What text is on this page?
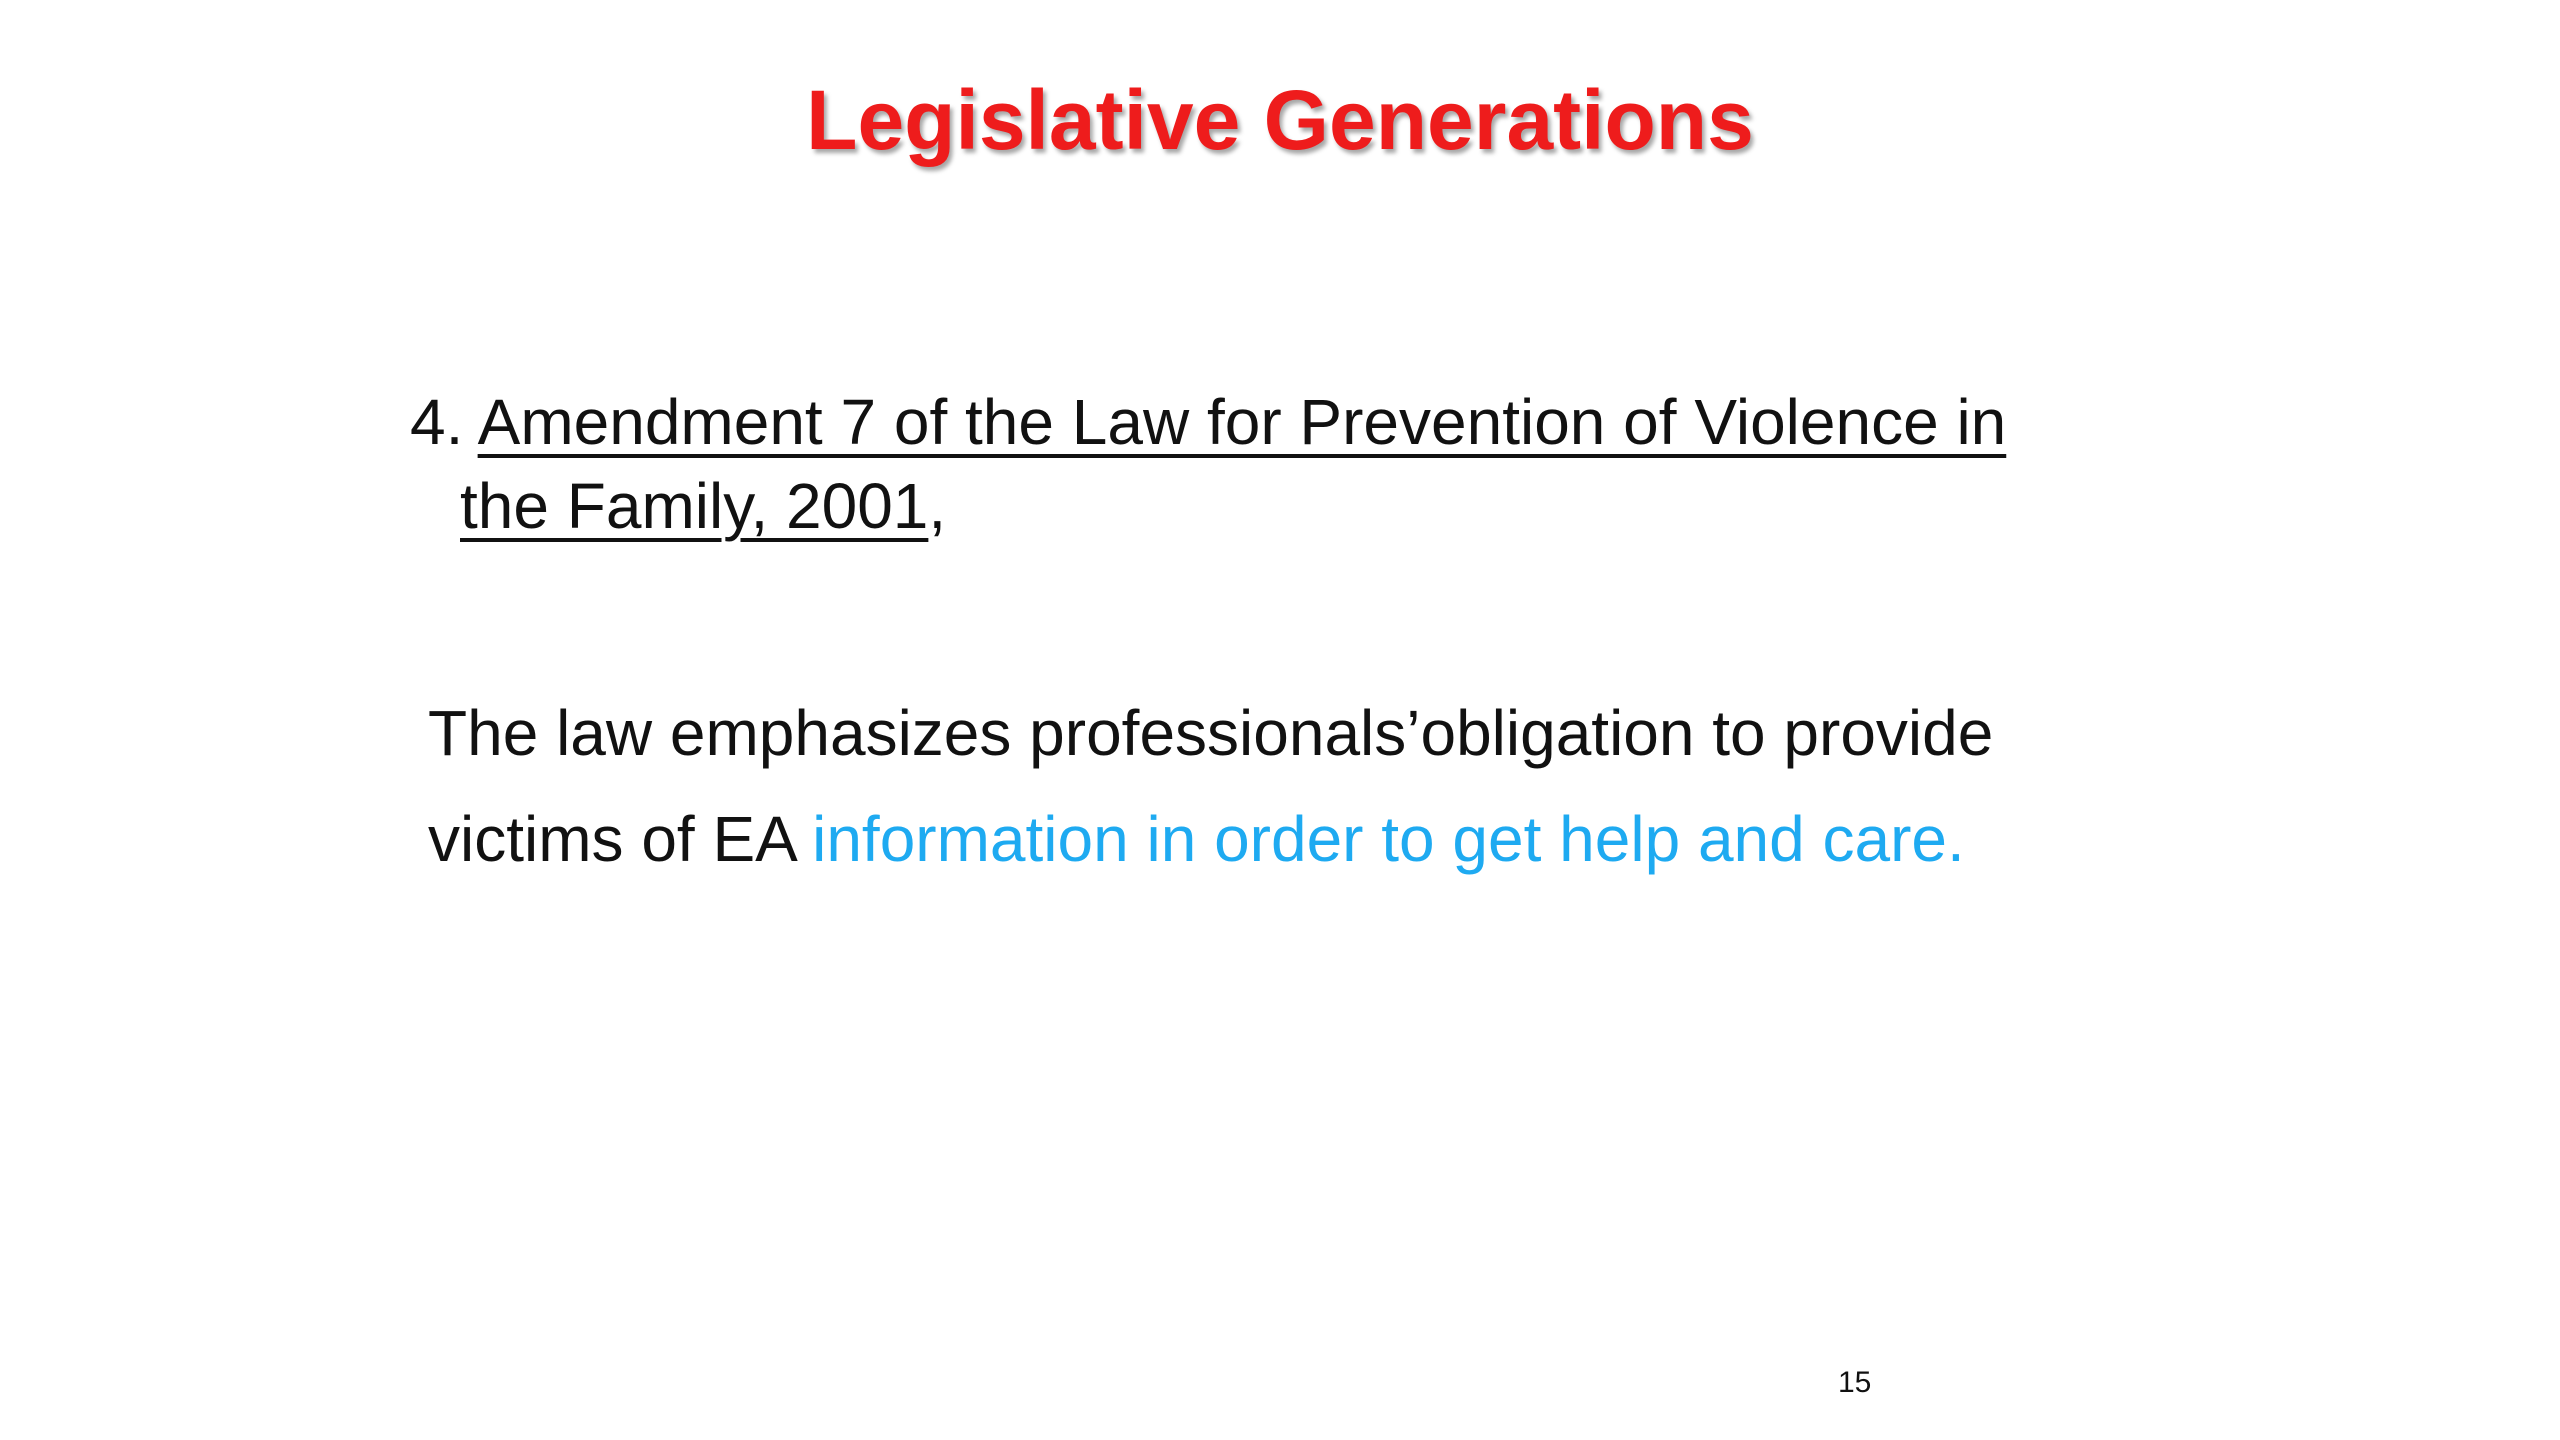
Legislative Generations
4. Amendment 7 of the Law for Prevention of Violence in
the Family, 2001,
The law emphasizes professionals’obligation to provide
victims of EA information in order to get help and care.
15
